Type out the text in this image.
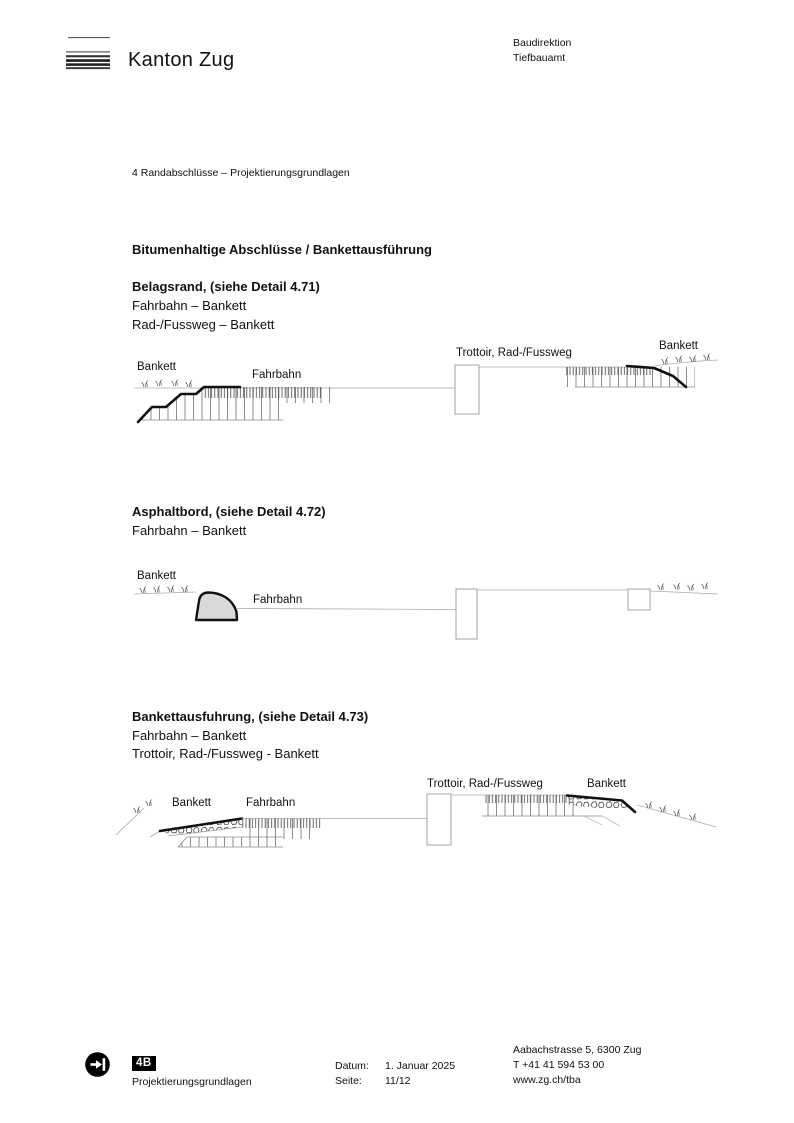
Kanton Zug
Baudirektion
Tiefbauamt
4 Randabschlüsse – Projektierungsgrundlagen
Bitumenhaltige Abschlüsse / Bankettausführung
Belagsrand, (siehe Detail 4.71)
Fahrbahn – Bankett
Rad-/Fussweg – Bankett
Bankett
Fahrbahn
Trottoir, Rad-/Fussweg
Bankett
Asphaltbord, (siehe Detail 4.72)
Fahrbahn – Bankett
Bankett
Fahrbahn
Bankettausfuhrung, (siehe Detail 4.73)
Fahrbahn – Bankett
Trottoir, Rad-/Fussweg - Bankett
Bankett	Fahrbahn
Trottoir, Rad-/Fussweg	Bankett
4B
Projektierungsgrundlagen
Datum: 1. Januar 2025
Seite: 11/12
Aabachstrasse 5, 6300 Zug
T +41 41 594 53 00
www.zg.ch/tba
